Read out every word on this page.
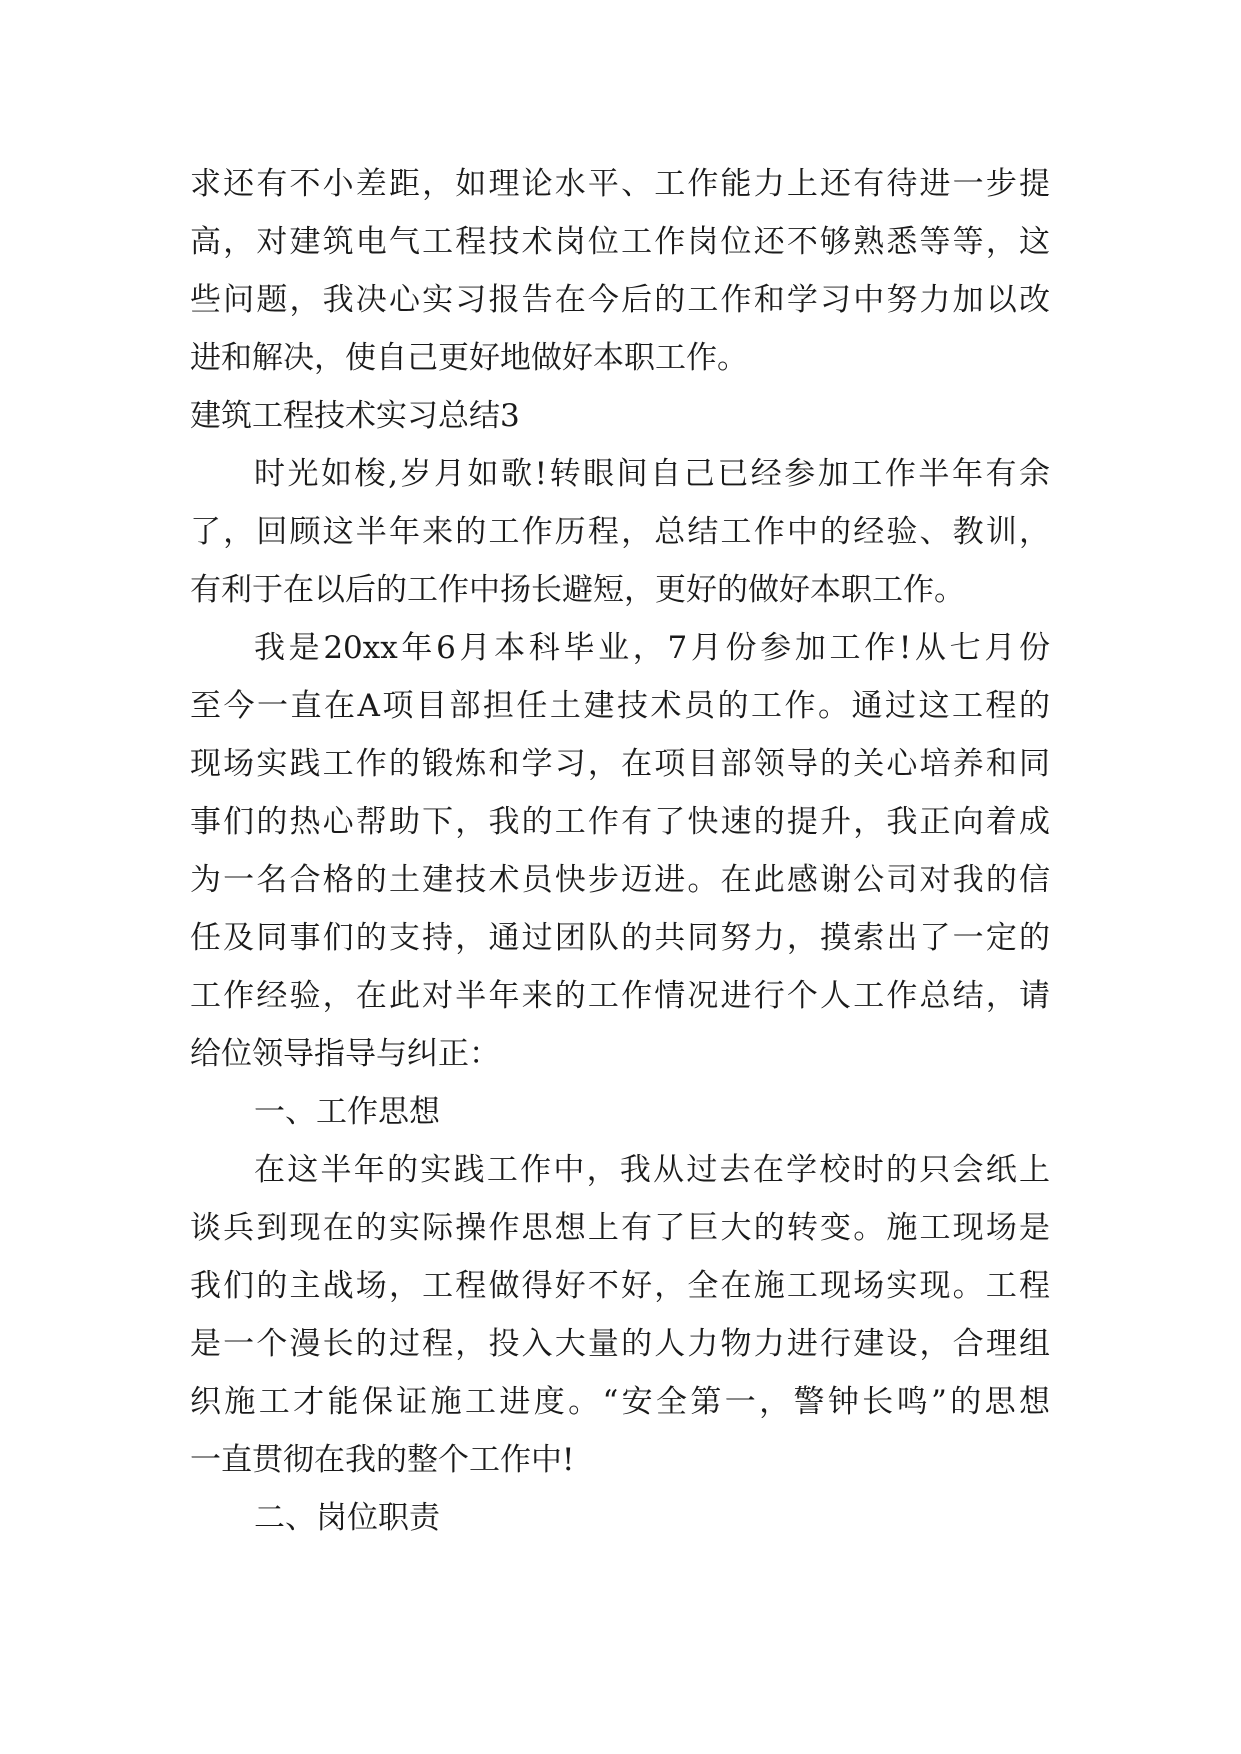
求还有不小差距，如理论水平、工作能力上还有待进一步提
高，对建筑电气工程技术岗位工作岗位还不够熟悉等等，这
些问题，我决心实习报告在今后的工作和学习中努力加以改
进和解决，使自己更好地做好本职工作。
建筑工程技术实习总结3
时光如梭,岁月如歌!转眼间自己已经参加工作半年有余
了，回顾这半年来的工作历程，总结工作中的经验、教训，
有利于在以后的工作中扬长避短，更好的做好本职工作。
我是20xx年6月本科毕业，7月份参加工作!从七月份
至今一直在A项目部担任土建技术员的工作。通过这工程的
现场实践工作的锻炼和学习，在项目部领导的关心培养和同
事们的热心帮助下，我的工作有了快速的提升，我正向着成
为一名合格的土建技术员快步迈进。在此感谢公司对我的信
任及同事们的支持，通过团队的共同努力，摸索出了一定的
工作经验，在此对半年来的工作情况进行个人工作总结，请
给位领导指导与纠正：
一、工作思想
在这半年的实践工作中，我从过去在学校时的只会纸上
谈兵到现在的实际操作思想上有了巨大的转变。施工现场是
我们的主战场，工程做得好不好，全在施工现场实现。工程
是一个漫长的过程，投入大量的人力物力进行建设，合理组
织施工才能保证施工进度。“安全第一，警钟长鸣”的思想
一直贯彻在我的整个工作中!
二、岗位职责
